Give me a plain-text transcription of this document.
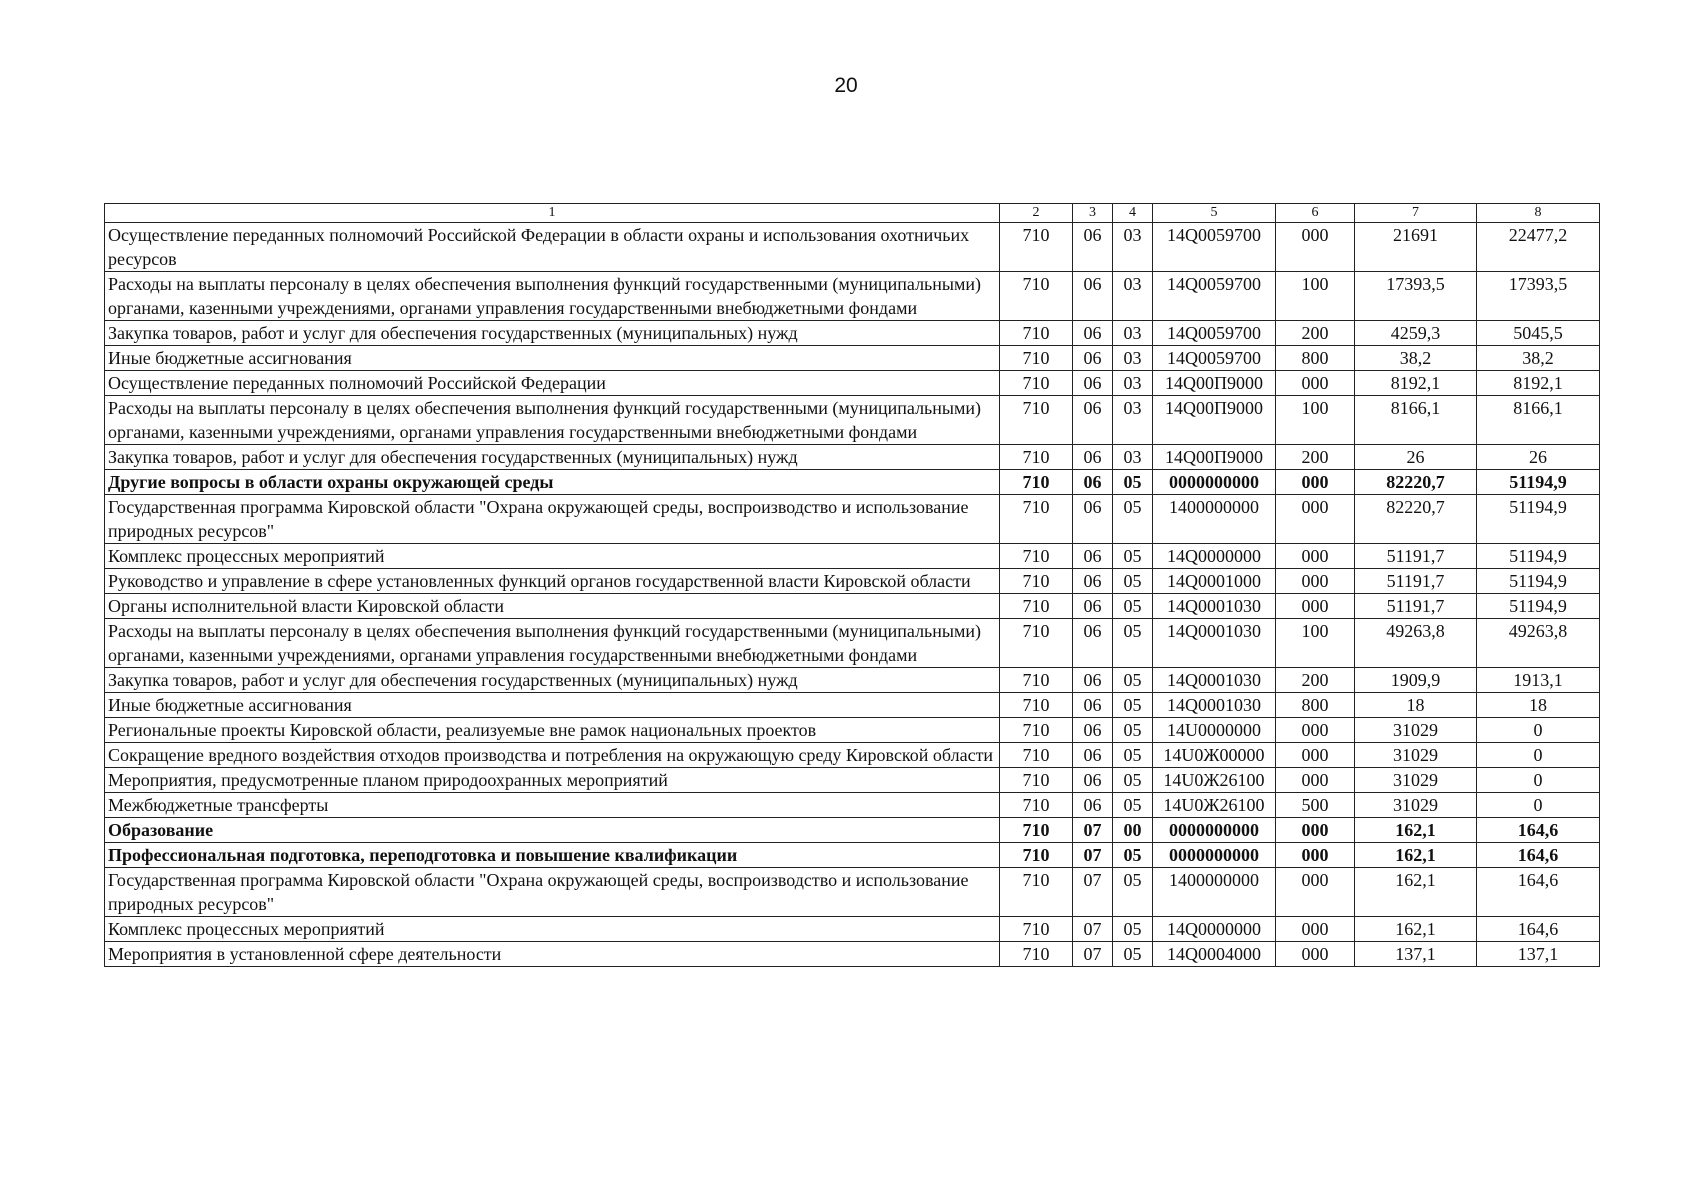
20
1	2	3	4	5	6	7	8
Осуществление переданных полномочий Российской Федерации в области охраны и использования охотничьих ресурсов	710	06	03	14Q0059700	000	21691	22477,2
Расходы на выплаты персоналу в целях обеспечения выполнения функций государственными (муниципальными) органами, казенными учреждениями, органами управления государственными внебюджетными фондами	710	06	03	14Q0059700	100	17393,5	17393,5
Закупка товаров, работ и услуг для обеспечения государственных (муниципальных) нужд	710	06	03	14Q0059700	200	4259,3	5045,5
Иные бюджетные ассигнования	710	06	03	14Q0059700	800	38,2	38,2
Осуществление переданных полномочий Российской Федерации	710	06	03	14Q00П9000	000	8192,1	8192,1
Расходы на выплаты персоналу в целях обеспечения выполнения функций государственными (муниципальными) органами, казенными учреждениями, органами управления государственными внебюджетными фондами	710	06	03	14Q00П9000	100	8166,1	8166,1
Закупка товаров, работ и услуг для обеспечения государственных (муниципальных) нужд	710	06	03	14Q00П9000	200	26	26
Другие вопросы в области охраны окружающей среды	710	06	05	0000000000	000	82220,7	51194,9
Государственная программа Кировской области "Охрана окружающей среды, воспроизводство и использование природных ресурсов"	710	06	05	1400000000	000	82220,7	51194,9
Комплекс процессных мероприятий	710	06	05	14Q0000000	000	51191,7	51194,9
Руководство и управление в сфере установленных функций органов государственной власти Кировской области	710	06	05	14Q0001000	000	51191,7	51194,9
Органы исполнительной власти Кировской области	710	06	05	14Q0001030	000	51191,7	51194,9
Расходы на выплаты персоналу в целях обеспечения выполнения функций государственными (муниципальными) органами, казенными учреждениями, органами управления государственными внебюджетными фондами	710	06	05	14Q0001030	100	49263,8	49263,8
Закупка товаров, работ и услуг для обеспечения государственных (муниципальных) нужд	710	06	05	14Q0001030	200	1909,9	1913,1
Иные бюджетные ассигнования	710	06	05	14Q0001030	800	18	18
Региональные проекты Кировской области, реализуемые вне рамок национальных проектов	710	06	05	14U0000000	000	31029	0
Сокращение вредного воздействия отходов производства и потребления на окружающую среду Кировской области	710	06	05	14U0Ж00000	000	31029	0
Мероприятия, предусмотренные планом природоохранных мероприятий	710	06	05	14U0Ж26100	000	31029	0
Межбюджетные трансферты	710	06	05	14U0Ж26100	500	31029	0
Образование	710	07	00	0000000000	000	162,1	164,6
Профессиональная подготовка, переподготовка и повышение квалификации	710	07	05	0000000000	000	162,1	164,6
Государственная программа Кировской области "Охрана окружающей среды, воспроизводство и использование природных ресурсов"	710	07	05	1400000000	000	162,1	164,6
Комплекс процессных мероприятий	710	07	05	14Q0000000	000	162,1	164,6
Мероприятия в установленной сфере деятельности	710	07	05	14Q0004000	000	137,1	137,1
